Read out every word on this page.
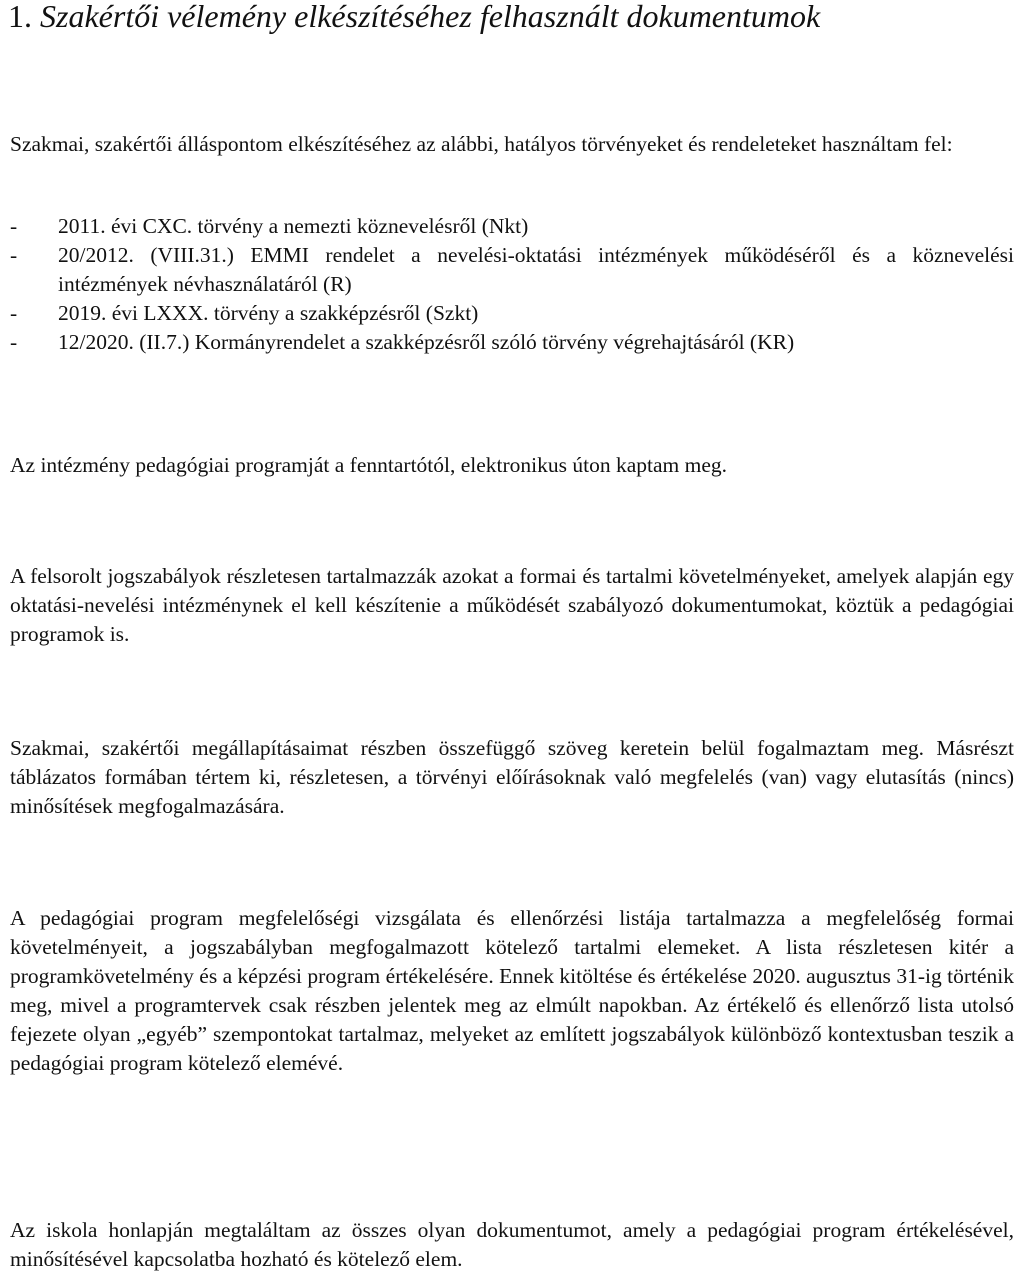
1. Szakértői vélemény elkészítéséhez felhasznált dokumentumok

Szakmai, szakértői álláspontom elkészítéséhez az alábbi, hatályos törvényeket és rendeleteket használtam fel:

- 2011. évi CXC. törvény a nemezti köznevelésről (Nkt)
- 20/2012. (VIII.31.) EMMI rendelet a nevelési-oktatási intézmények működéséről és a köznevelési intézmények névhasználatáról (R)
- 2019. évi LXXX. törvény a szakképzésről (Szkt)
- 12/2020. (II.7.) Kormányrendelet a szakképzésről szóló törvény végrehajtásáról (KR)

Az intézmény pedagógiai programját a fenntartótól, elektronikus úton kaptam meg.

A felsorolt jogszabályok részletesen tartalmazzák azokat a formai és tartalmi követelményeket, amelyek alapján egy oktatási-nevelési intézménynek el kell készítenie a működését szabályozó dokumentumokat, köztük a pedagógiai programok is.

Szakmai, szakértői megállapításaimat részben összefüggő szöveg keretein belül fogalmaztam meg. Másrészt táblázatos formában tértem ki, részletesen, a törvényi előírásoknak való megfelelés (van) vagy elutasítás (nincs) minősítések megfogalmazására.

A pedagógiai program megfelelőségi vizsgálata és ellenőrzési listája tartalmazza a megfelelőség formai követelményeit, a jogszabályban megfogalmazott kötelező tartalmi elemeket. A lista részletesen kitér a programkövetelmény és a képzési program értékelésére. Ennek kitöltése és értékelése 2020. augusztus 31-ig történik meg, mivel a programtervek csak részben jelentek meg az elmúlt napokban. Az értékelő és ellenőrző lista utolsó fejezete olyan „egyéb” szempontokat tartalmaz, melyeket az említett jogszabályok különböző kontextusban teszik a pedagógiai program kötelező elemévé.

Az iskola honlapján megtaláltam az összes olyan dokumentumot, amely a pedagógiai program értékelésével, minősítésével kapcsolatba hozható és kötelező elem.
